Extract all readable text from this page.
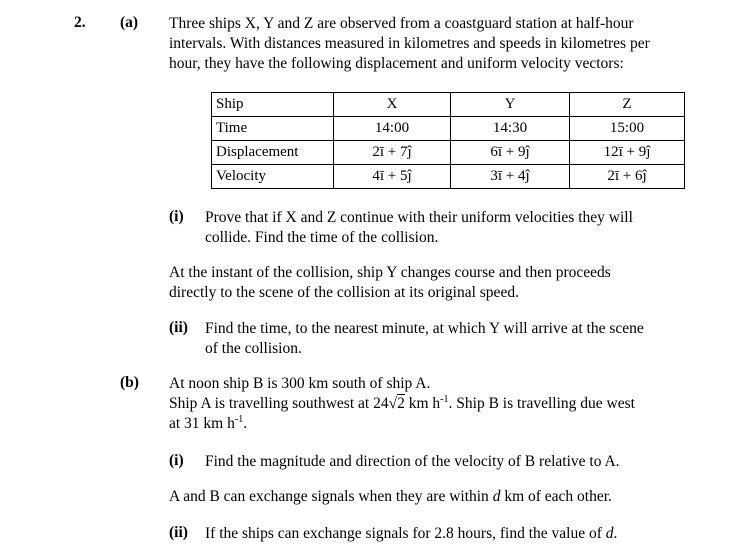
2. (a) Three ships X, Y and Z are observed from a coastguard station at half-hour
intervals. With distances measured in kilometres and speeds in kilometres per
hour, they have the following displacement and uniform velocity vectors:
Ship	X	Y	Z
Time	14:00	14:30	15:00
Displacement	2ī + 7ĵ	6ī + 9ĵ	12ī + 9ĵ
Velocity	4ī + 5ĵ	3ī + 4ĵ	2ī + 6ĵ
(i) Prove that if X and Z continue with their uniform velocities they will
collide. Find the time of the collision.
At the instant of the collision, ship Y changes course and then proceeds
directly to the scene of the collision at its original speed.
(ii) Find the time, to the nearest minute, at which Y will arrive at the scene
of the collision.
(b) At noon ship B is 300 km south of ship A.
Ship A is travelling southwest at 24√2 km $h^{-1}$. Ship B is travelling due west
at 31 km $h^{-1}$.
(i) Find the magnitude and direction of the velocity of B relative to A.
A and B can exchange signals when they are within d km of each other.
(ii) If the ships can exchange signals for 2.8 hours, find the value of d.
